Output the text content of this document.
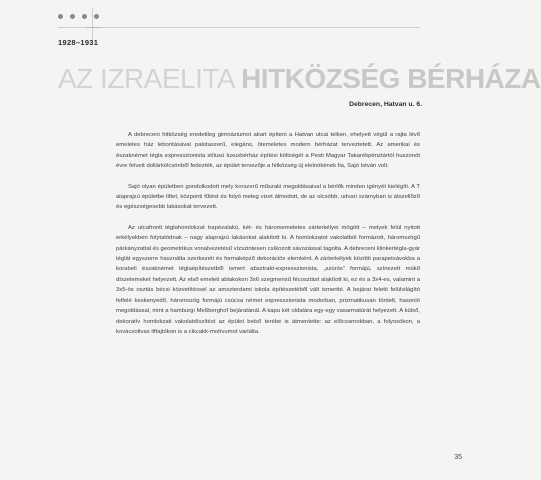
1928–1931
AZ IZRAELITA HITKÖZSÉG BÉRHÁZA
Debrecen, Hatvan u. 6.

A debreceni hitközség eredetileg gimnáziumot akart építeni a Hatvan utcai telken, ehelyett végül a rajta lévő emeletes ház lebontásával palotaszerű, elegáns, ötemeletes modern bérházat terveztetett. Az amerikai és északnémet tégla expresszionista stílusú luxusbérház építési költségét a Pesti Magyar Takarékpénztártól huszonöt évre felvett dollárkölcsönből fedezték, az épület tervezője a hitközség új elelnökének fia, Sajó István volt.

Sajó olyan épületben gondolkodott mely korszerű műszaki megoldásaival a bérlők minden igényét kielégíti. A T alaprajzú épületbe liftet, központi fűtést és folyó meleg vizet álmodott, de az olcsóbb, udvari szárnyban is átszellőző és egészségesebb lakásokat tervezett.

Az utcafronti téglahomlokzat trapézalakú, két- és háromemeletes zárterkélyei mögött – melyek felül nyitott erkélyekben folytatódnak – nagy alaprajzú lakásokat alakított ki. A homlokzatot vakolatból formázott, háromszögű párkányzattal és geometrikus vonalvezetésű vízszintesen csíkozott sávozással tagolta. A debreceni klinkertégla-gyár téglát egyszerre használta szerkezeti és formaképző dekorációs elemként. A zárterkélyek közötti parapetsávokba a korabeli északnémet téglaépítészetből ismert absztrakt-expresszionista, „szúrós” formájú, színezett mükő díszelemeket helyezett. Az első emeleti ablakokon 3x6 szegmensű fécosztást alakított ki, ez és a 3x4-es, valamint a 3x5-ös osztás bécsi közvetítéssel az amszterdami iskola építészetéből vált ismertté. A bejárat feletti felülvilágító felfelé keskenyedő, háromszög formájú csúcsa német expresszionista modorban, prizmatikusan tördelt, hasonló megoldással, mint a hamburgi Meßberghof bejáratánál. A kapu két oldalára egy-egy vasarmatúrát helyezett. A külső, dekoratív homlokzati vakolatdíszítést az épület belső terébe is átmentette: az előcsarnokban, a folyosókon, a kovácsoltvas liftajtókon is a cikcakk-motívumot variálta.

35
